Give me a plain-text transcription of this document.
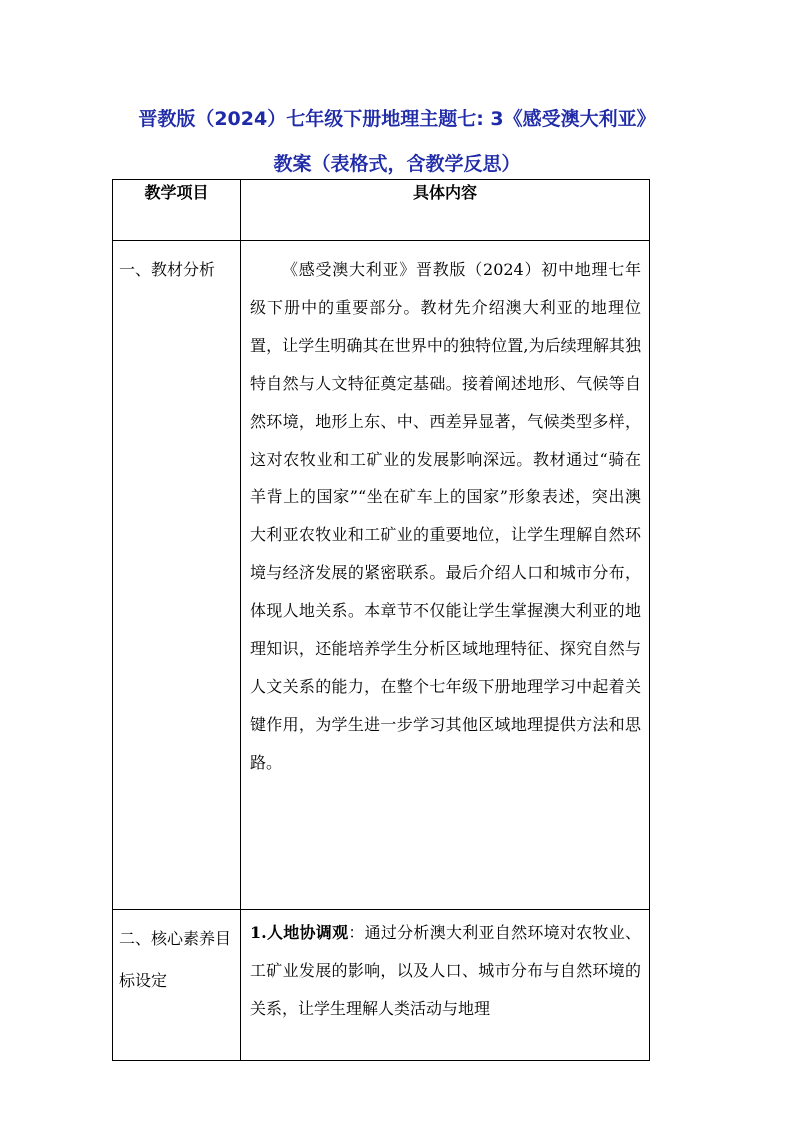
晋教版（2024）七年级下册地理主题七: 3《感受澳大利亚》
教案（表格式，含教学反思）
教学项目	具体内容
一、教材分析	《感受澳大利亚》晋教版（2024）初中地理七年级下册中的重要部分。教材先介绍澳大利亚的地理位置，让学生明确其在世界中的独特位置,为后续理解其独特自然与人文特征奠定基础。接着阐述地形、气候等自然环境，地形上东、中、西差异显著，气候类型多样，这对农牧业和工矿业的发展影响深远。教材通过“骑在羊背上的国家”“坐在矿车上的国家”形象表述，突出澳大利亚农牧业和工矿业的重要地位，让学生理解自然环境与经济发展的紧密联系。最后介绍人口和城市分布，体现人地关系。本章节不仅能让学生掌握澳大利亚的地理知识，还能培养学生分析区域地理特征、探究自然与人文关系的能力，在整个七年级下册地理学习中起着关键作用，为学生进一步学习其他区域地理提供方法和思路。
二、核心素养目标设定	1.人地协调观：通过分析澳大利亚自然环境对农牧业、工矿业发展的影响，以及人口、城市分布与自然环境的关系，让学生理解人类活动与地理
